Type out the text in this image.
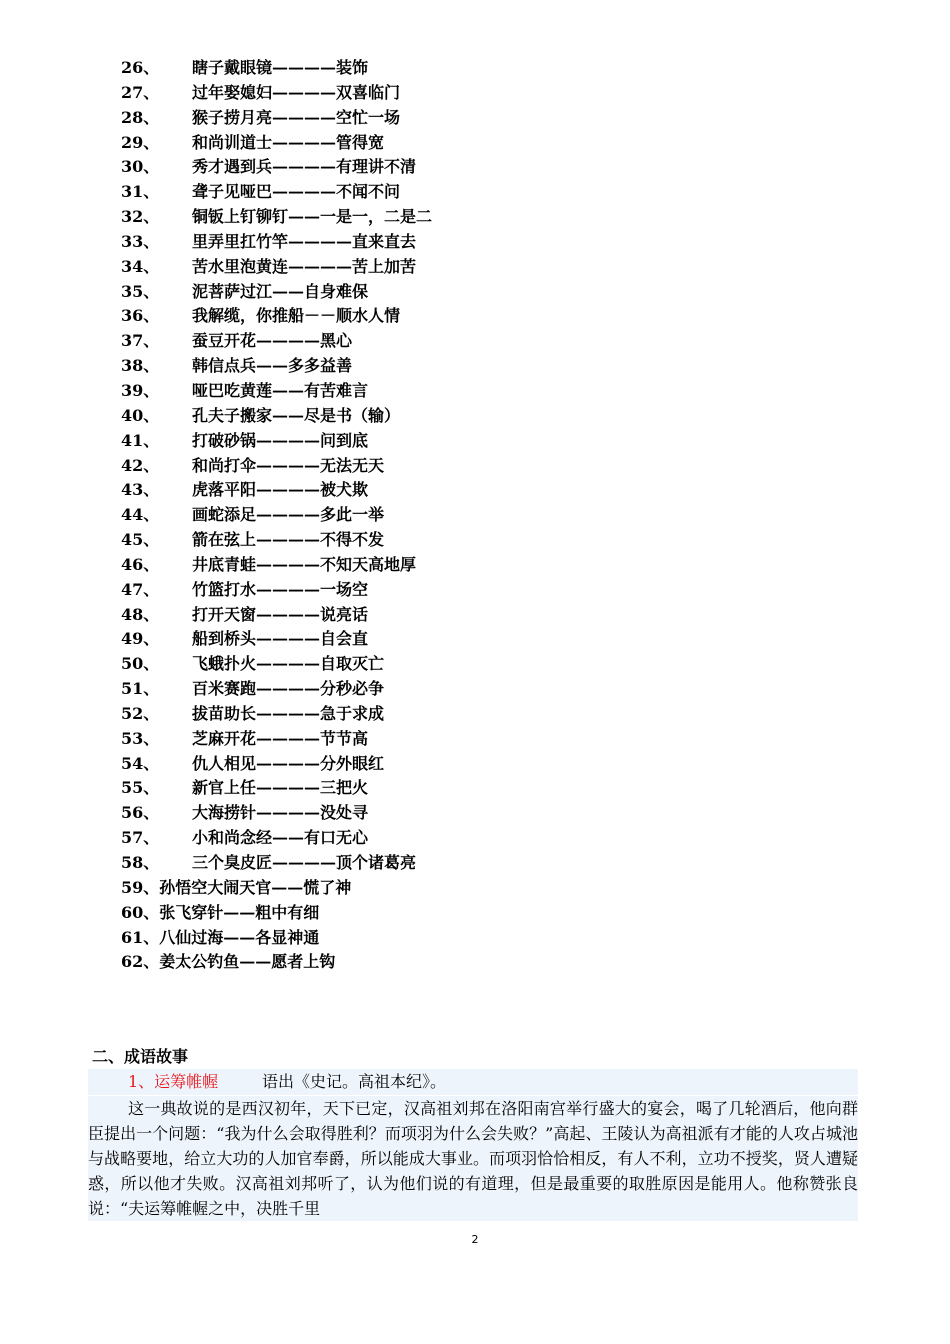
26、 瞎子戴眼镜————装饰
27、 过年娶媳妇————双喜临门
28、 猴子捞月亮————空忙一场
29、 和尚训道士————管得宽
30、 秀才遇到兵————有理讲不清
31、 聋子见哑巴————不闻不问
32、 铜钣上钉铆钉——一是一，二是二
33、 里弄里扛竹竿————直来直去
34、 苦水里泡黄连————苦上加苦
35、 泥菩萨过江——自身难保
36、 我解缆，你推船－－顺水人情
37、 蚕豆开花————黑心
38、 韩信点兵——多多益善
39、 哑巴吃黄莲——有苦难言
40、 孔夫子搬家——尽是书（输）
41、 打破砂锅————问到底
42、 和尚打伞————无法无天
43、 虎落平阳————被犬欺
44、 画蛇添足————多此一举
45、 箭在弦上————不得不发
46、 井底青蛙————不知天高地厚
47、 竹篮打水————一场空
48、 打开天窗————说亮话
49、 船到桥头————自会直
50、 飞蛾扑火————自取灭亡
51、 百米赛跑————分秒必争
52、 拔苗助长————急于求成
53、 芝麻开花————节节高
54、 仇人相见————分外眼红
55、 新官上任————三把火
56、 大海捞针————没处寻
57、 小和尚念经——有口无心
58、 三个臭皮匠————顶个诸葛亮
59、孙悟空大闹天官——慌了神
60、张飞穿针——粗中有细
61、八仙过海——各显神通
62、姜太公钓鱼——愿者上钩
二、成语故事
1、运筹帷幄	语出《史记。高祖本纪》。

这一典故说的是西汉初年，天下已定，汉高祖刘邦在洛阳南宫举行盛大的宴会，喝了几轮酒后，他向群臣提出一个问题：“我为什么会取得胜利？而项羽为什么会失败？”高起、王陵认为高祖派有才能的人攻占城池与战略要地，给立大功的人加官奉爵，所以能成大事业。而项羽恰恰相反，有人不利，立功不授奖，贤人遭疑惑，所以他才失败。汉高祖刘邦听了，认为他们说的有道理，但是最重要的取胜原因是能用人。他称赞张良说：“夫运筹帷幄之中，决胜千里

2
